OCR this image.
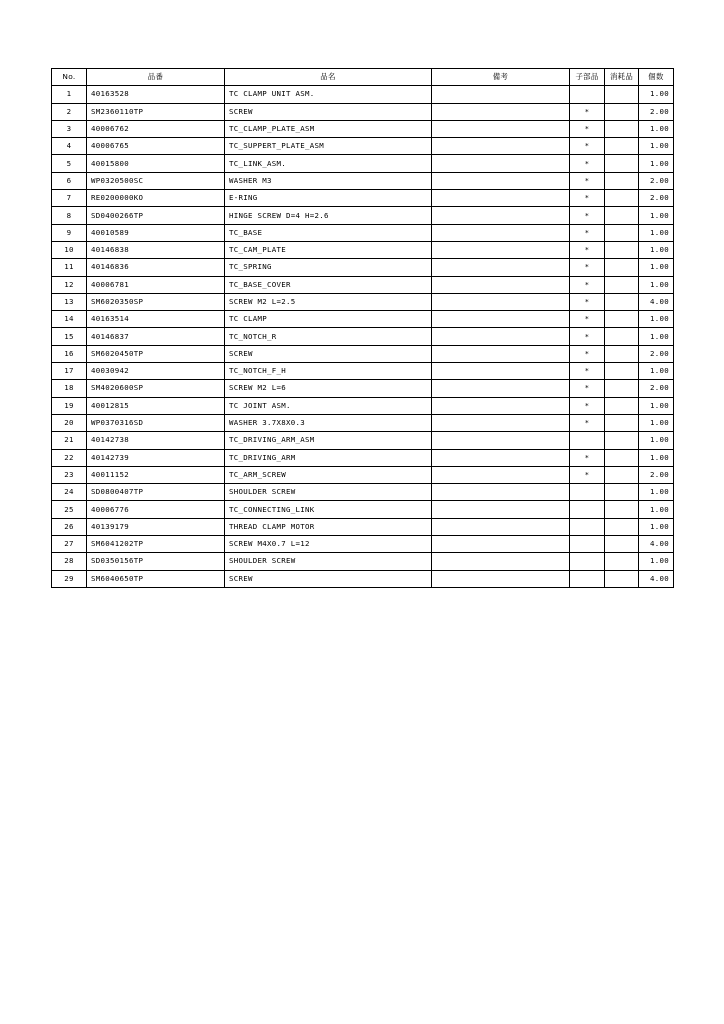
No.	品番	品名	備考	子部品	消耗品	個数
1	40163528	TC CLAMP UNIT ASM.				1.00
2	SM2360110TP	SCREW		*		2.00
3	40006762	TC_CLAMP_PLATE_ASM		*		1.00
4	40006765	TC_SUPPERT_PLATE_ASM		*		1.00
5	40015800	TC_LINK_ASM.		*		1.00
6	WP0320500SC	WASHER M3		*		2.00
7	RE0200000KO	E-RING		*		2.00
8	SD0400266TP	HINGE SCREW D=4 H=2.6		*		1.00
9	40010589	TC_BASE		*		1.00
10	40146838	TC_CAM_PLATE		*		1.00
11	40146836	TC_SPRING		*		1.00
12	40006781	TC_BASE_COVER		*		1.00
13	SM6020350SP	SCREW M2 L=2.5		*		4.00
14	40163514	TC CLAMP		*		1.00
15	40146837	TC_NOTCH_R		*		1.00
16	SM6020450TP	SCREW		*		2.00
17	40030942	TC_NOTCH_F_H		*		1.00
18	SM4020600SP	SCREW M2 L=6		*		2.00
19	40012815	TC JOINT ASM.		*		1.00
20	WP0370316SD	WASHER 3.7X8X0.3		*		1.00
21	40142738	TC_DRIVING_ARM_ASM				1.00
22	40142739	TC_DRIVING_ARM		*		1.00
23	40011152	TC_ARM_SCREW		*		2.00
24	SD0800407TP	SHOULDER SCREW				1.00
25	40006776	TC_CONNECTING_LINK				1.00
26	40139179	THREAD CLAMP MOTOR				1.00
27	SM6041202TP	SCREW M4X0.7 L=12				4.00
28	SD0350156TP	SHOULDER SCREW				1.00
29	SM6040650TP	SCREW				4.00
